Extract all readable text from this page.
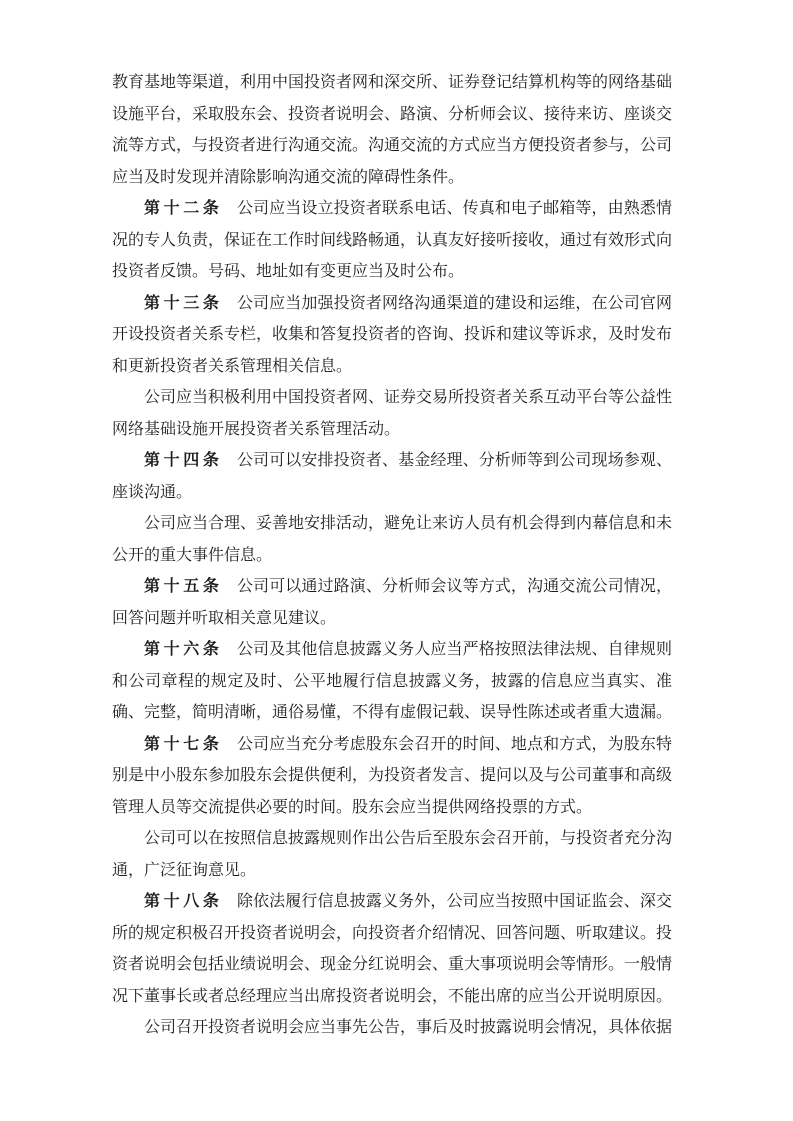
教育基地等渠道，利用中国投资者网和深交所、证券登记结算机构等的网络基础设施平台，采取股东会、投资者说明会、路演、分析师会议、接待来访、座谈交流等方式，与投资者进行沟通交流。沟通交流的方式应当方便投资者参与，公司应当及时发现并清除影响沟通交流的障碍性条件。

第十二条 公司应当设立投资者联系电话、传真和电子邮箱等，由熟悉情况的专人负责，保证在工作时间线路畅通，认真友好接听接收，通过有效形式向投资者反馈。号码、地址如有变更应当及时公布。

第十三条 公司应当加强投资者网络沟通渠道的建设和运维，在公司官网开设投资者关系专栏，收集和答复投资者的咨询、投诉和建议等诉求，及时发布和更新投资者关系管理相关信息。

公司应当积极利用中国投资者网、证券交易所投资者关系互动平台等公益性网络基础设施开展投资者关系管理活动。

第十四条 公司可以安排投资者、基金经理、分析师等到公司现场参观、座谈沟通。

公司应当合理、妥善地安排活动，避免让来访人员有机会得到内幕信息和未公开的重大事件信息。

第十五条 公司可以通过路演、分析师会议等方式，沟通交流公司情况，回答问题并听取相关意见建议。

第十六条 公司及其他信息披露义务人应当严格按照法律法规、自律规则和公司章程的规定及时、公平地履行信息披露义务，披露的信息应当真实、准确、完整，简明清晰，通俗易懂，不得有虚假记载、误导性陈述或者重大遗漏。

第十七条 公司应当充分考虑股东会召开的时间、地点和方式，为股东特别是中小股东参加股东会提供便利，为投资者发言、提问以及与公司董事和高级管理人员等交流提供必要的时间。股东会应当提供网络投票的方式。

公司可以在按照信息披露规则作出公告后至股东会召开前，与投资者充分沟通，广泛征询意见。

第十八条 除依法履行信息披露义务外，公司应当按照中国证监会、深交所的规定积极召开投资者说明会，向投资者介绍情况、回答问题、听取建议。投资者说明会包括业绩说明会、现金分红说明会、重大事项说明会等情形。一般情况下董事长或者总经理应当出席投资者说明会，不能出席的应当公开说明原因。

公司召开投资者说明会应当事先公告，事后及时披露说明会情况，具体依据
